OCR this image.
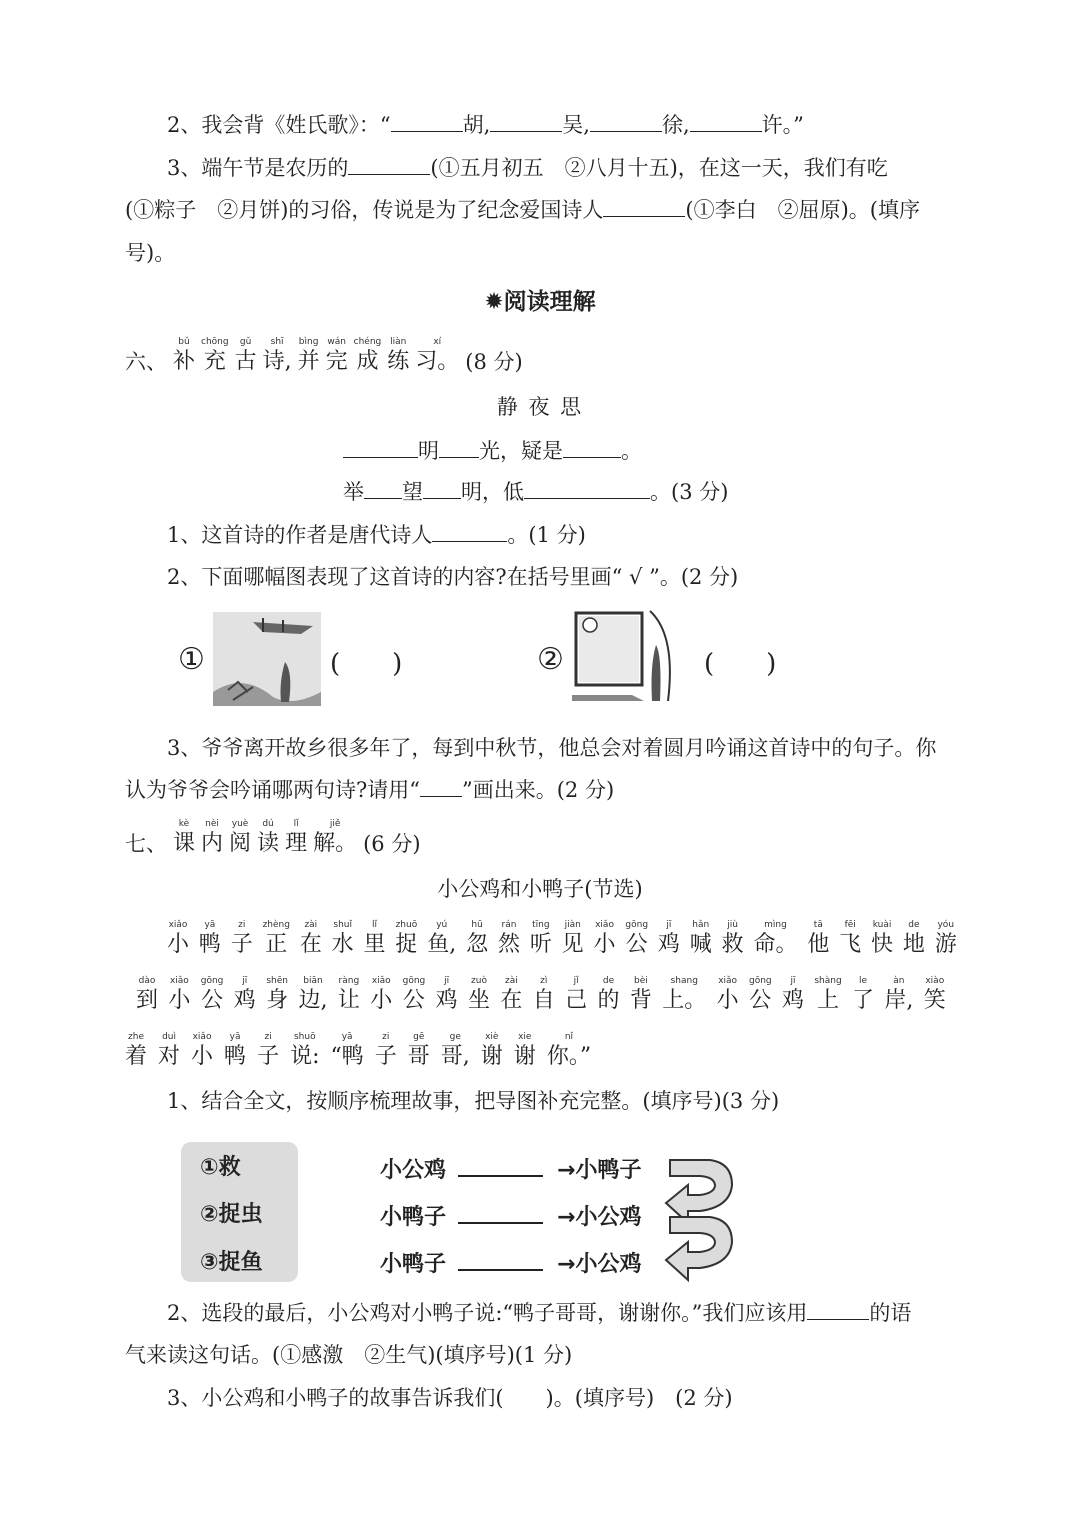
2、我会背《姓氏歌》：“	胡,	吴,	徐,	许。”
3、端午节是农历的	(①五月初五　②八月十五)，在这一天，我们有吃
(①粽子　②月饼)的习俗，传说是为了纪念爱国诗人	(①李白　②屈原)。(填序
号)。
✹阅读理解
六、
bǔ
补
chōng
充
gǔ
古
shī
诗,
bìng
并
wán
完
chéng
成
liàn
练
xí
习。 (8 分)
静 夜 思
明 光，疑是	。
举 望 明，低	。(3 分)
1、这首诗的作者是唐代诗人	。(1 分)
2、下面哪幅图表现了这首诗的内容?在括号里画“ √ ”。(2 分)
①	(　　)	②	(　　)
3、爷爷离开故乡很多年了，每到中秋节，他总会对着圆月吟诵这首诗中的句子。你
认为爷爷会吟诵哪两句诗?请用“ ”画出来。(2 分)
七、
kè
课
nèi
内
yuè
阅
dú
读
lǐ
理
jiě
解。 (6 分)
小公鸡和小鸭子(节选)
xiǎo
小
yā
鸭
zi
子
zhèng
正
zài
在
shuǐ
水
lǐ
里
zhuō
捉
yú
鱼,
hū
忽
rán
然
tīng
听
jiàn
见
xiǎo
小
gōng
公
jī
鸡
hǎn
喊
jiù
救
mìng
命。
tā
他
fēi
飞
kuài
快
de
地
yóu
游
dào
到
xiǎo
小
gōng
公
jī
鸡
shēn
身
biān
边,
ràng
让
xiǎo
小
gōng
公
jī
鸡
zuò
坐
zài
在
zì
自
jǐ
己
de
的
bèi
背
shang
上。
xiǎo
小
gōng
公
jī
鸡
shàng
上
le
了
àn
岸,
xiào
笑
zhe
着
duì
对
xiǎo
小
yā
鸭
zi
子
shuō
说:
yā
“鸭
zi
子
gē
哥
ge
哥,
xiè
谢
xie
谢
nǐ
你。”
1、结合全文，按顺序梳理故事，把导图补充完整。(填序号)(3 分)
①救
②捉虫
③捉鱼
小公鸡	→小鸭子
小鸭子	→小公鸡
小鸭子	→小公鸡
2、选段的最后，小公鸡对小鸭子说:“鸭子哥哥，谢谢你。”我们应该用	的语
气来读这句话。(①感激　②生气)(填序号)(1 分)
3、小公鸡和小鸭子的故事告诉我们(　　)。(填序号)　(2 分)
